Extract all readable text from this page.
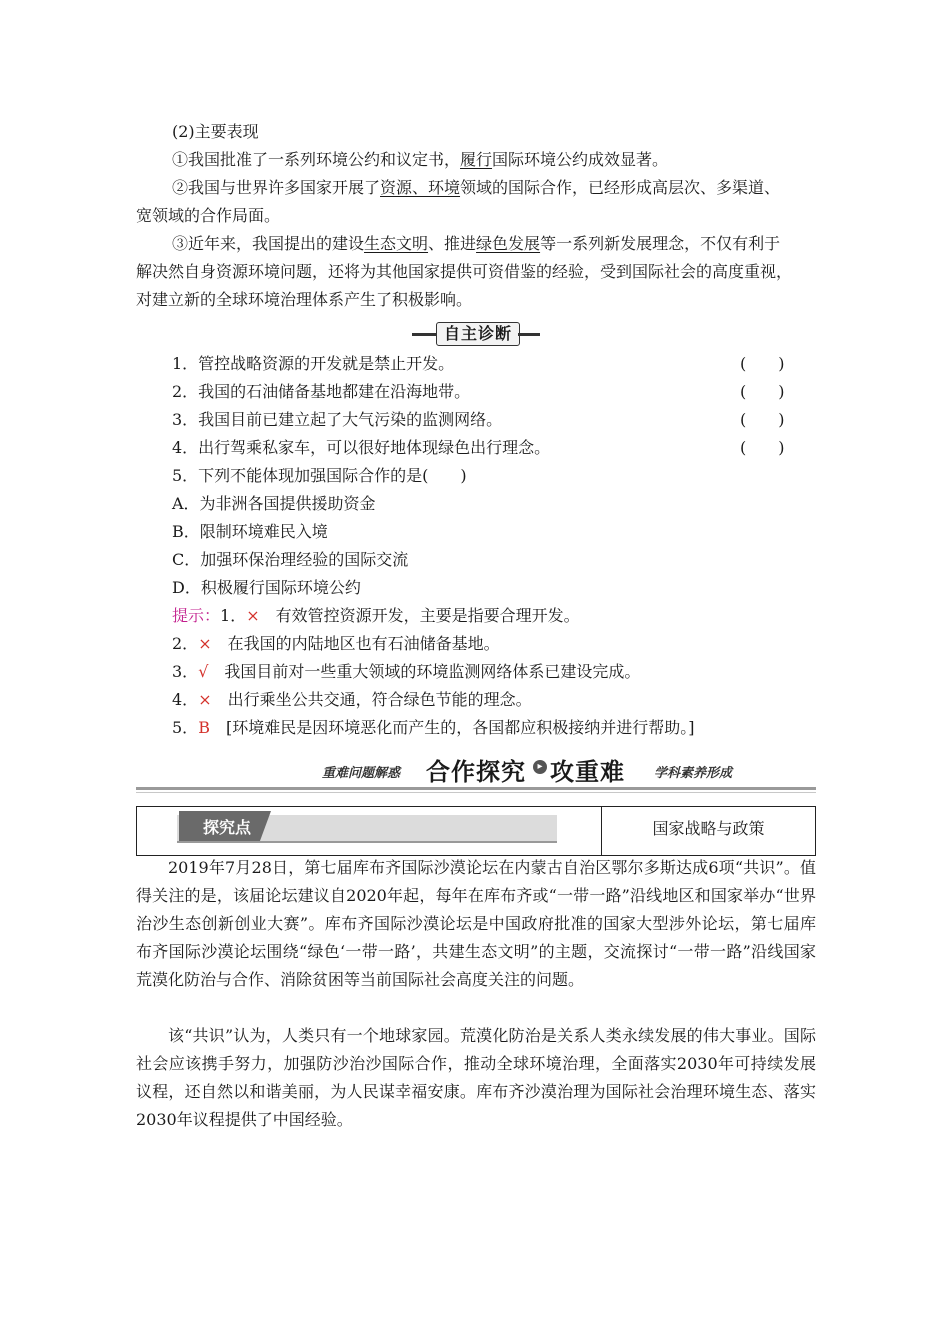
(2)主要表现

①我国批准了一系列环境公约和议定书，履行国际环境公约成效显著。

②我国与世界许多国家开展了资源、环境领域的国际合作，已经形成高层次、多渠道、

宽领域的合作局面。

③近年来，我国提出的建设生态文明、推进绿色发展等一系列新发展理念，不仅有利于

解决然自身资源环境问题，还将为其他国家提供可资借鉴的经验，受到国际社会的高度重视，

对建立新的全球环境治理体系产生了积极影响。

自主诊断

1．管控战略资源的开发就是禁止开发。	(　　)

2．我国的石油储备基地都建在沿海地带。	(　　)

3．我国目前已建立起了大气污染的监测网络。	(　　)

4．出行驾乘私家车，可以很好地体现绿色出行理念。	(　　)

5．下列不能体现加强国际合作的是(　　)

A．为非洲各国提供援助资金

B．限制环境难民入境

C．加强环保治理经验的国际交流

D．积极履行国际环境公约

提示：1．×　 有效管控资源开发，主要是指要合理开发。

2．×　 在我国的内陆地区也有石油储备基地。

3．√　 我国目前对一些重大领域的环境监测网络体系已建设完成。

4．×　 出行乘坐公共交通，符合绿色节能的理念。

5．B　 [环境难民是因环境恶化而产生的，各国都应积极接纳并进行帮助。]

重难问题解惑 合作探究	▸ 攻重难 学科素养形成
探究点	国家战略与政策

2019年7月28日，第七届库布齐国际沙漠论坛在内蒙古自治区鄂尔多斯达成6项“共识”。值得关注的是，该届论坛建议自2020年起，每年在库布齐或“一带一路”沿线地区和国家举办“世界治沙生态创新创业大赛”。库布齐国际沙漠论坛是中国政府批准的国家大型涉外论坛，第七届库布齐国际沙漠论坛围绕“绿色‘一带一路’，共建生态文明”的主题，交流探讨“一带一路”沿线国家荒漠化防治与合作、消除贫困等当前国际社会高度关注的问题。

该“共识”认为，人类只有一个地球家园。荒漠化防治是关系人类永续发展的伟大事业。国际社会应该携手努力，加强防沙治沙国际合作，推动全球环境治理，全面落实2030年可持续发展议程，还自然以和谐美丽，为人民谋幸福安康。库布齐沙漠治理为国际社会治理环境生态、落实2030年议程提供了中国经验。
